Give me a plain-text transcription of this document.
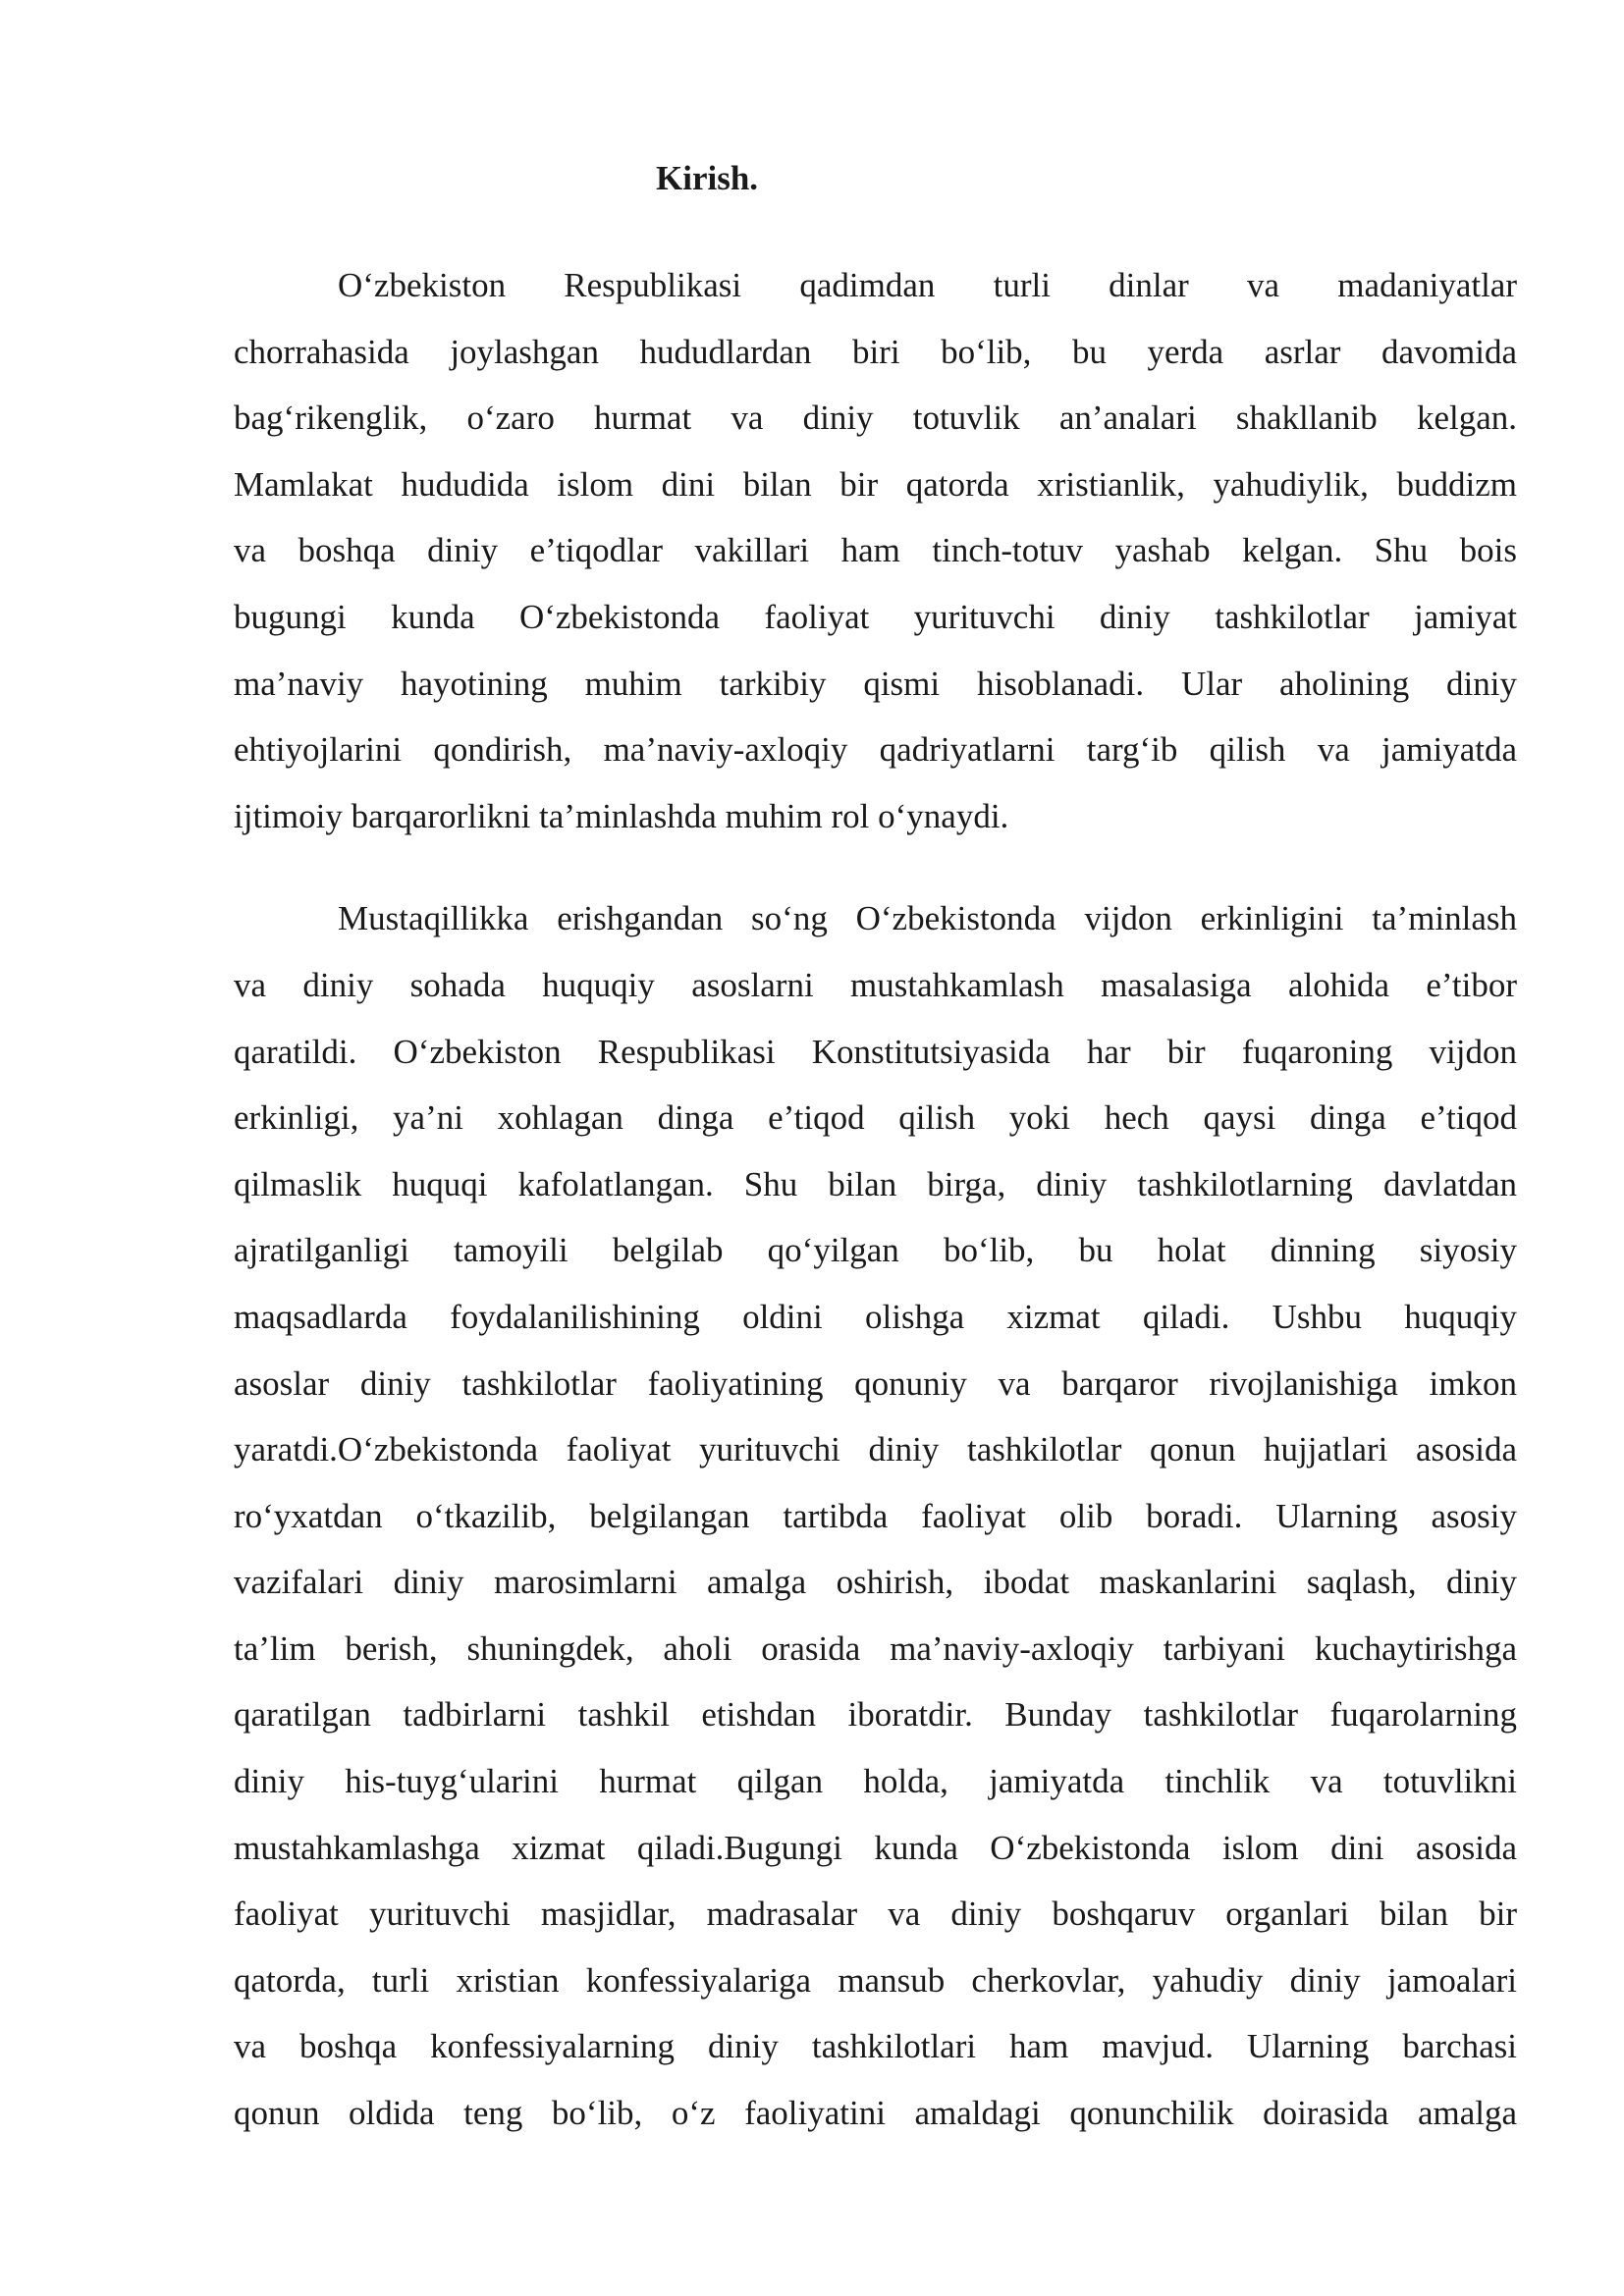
Kirish.

O‘zbekiston Respublikasi qadimdan turli dinlar va madaniyatlar
chorrahasida joylashgan hududlardan biri bo‘lib, bu yerda asrlar davomida
bag‘rikenglik, o‘zaro hurmat va diniy totuvlik an’analari shakllanib kelgan.
Mamlakat hududida islom dini bilan bir qatorda xristianlik, yahudiylik, buddizm
va boshqa diniy e’tiqodlar vakillari ham tinch-totuv yashab kelgan. Shu bois
bugungi kunda O‘zbekistonda faoliyat yurituvchi diniy tashkilotlar jamiyat
ma’naviy hayotining muhim tarkibiy qismi hisoblanadi. Ular aholining diniy
ehtiyojlarini qondirish, ma’naviy-axloqiy qadriyatlarni targ‘ib qilish va jamiyatda
ijtimoiy barqarorlikni ta’minlashda muhim rol o‘ynaydi.

Mustaqillikka erishgandan so‘ng O‘zbekistonda vijdon erkinligini ta’minlash
va diniy sohada huquqiy asoslarni mustahkamlash masalasiga alohida e’tibor
qaratildi. O‘zbekiston Respublikasi Konstitutsiyasida har bir fuqaroning vijdon
erkinligi, ya’ni xohlagan dinga e’tiqod qilish yoki hech qaysi dinga e’tiqod
qilmaslik huquqi kafolatlangan. Shu bilan birga, diniy tashkilotlarning davlatdan
ajratilganligi tamoyili belgilab qo‘yilgan bo‘lib, bu holat dinning siyosiy
maqsadlarda foydalanilishining oldini olishga xizmat qiladi. Ushbu huquqiy
asoslar diniy tashkilotlar faoliyatining qonuniy va barqaror rivojlanishiga imkon
yaratdi.O‘zbekistonda faoliyat yurituvchi diniy tashkilotlar qonun hujjatlari asosida
ro‘yxatdan o‘tkazilib, belgilangan tartibda faoliyat olib boradi. Ularning asosiy
vazifalari diniy marosimlarni amalga oshirish, ibodat maskanlarini saqlash, diniy
ta’lim berish, shuningdek, aholi orasida ma’naviy-axloqiy tarbiyani kuchaytirishga
qaratilgan tadbirlarni tashkil etishdan iboratdir. Bunday tashkilotlar fuqarolarning
diniy his-tuyg‘ularini hurmat qilgan holda, jamiyatda tinchlik va totuvlikni
mustahkamlashga xizmat qiladi.Bugungi kunda O‘zbekistonda islom dini asosida
faoliyat yurituvchi masjidlar, madrasalar va diniy boshqaruv organlari bilan bir
qatorda, turli xristian konfessiyalariga mansub cherkovlar, yahudiy diniy jamoalari
va boshqa konfessiyalarning diniy tashkilotlari ham mavjud. Ularning barchasi
qonun oldida teng bo‘lib, o‘z faoliyatini amaldagi qonunchilik doirasida amalga
